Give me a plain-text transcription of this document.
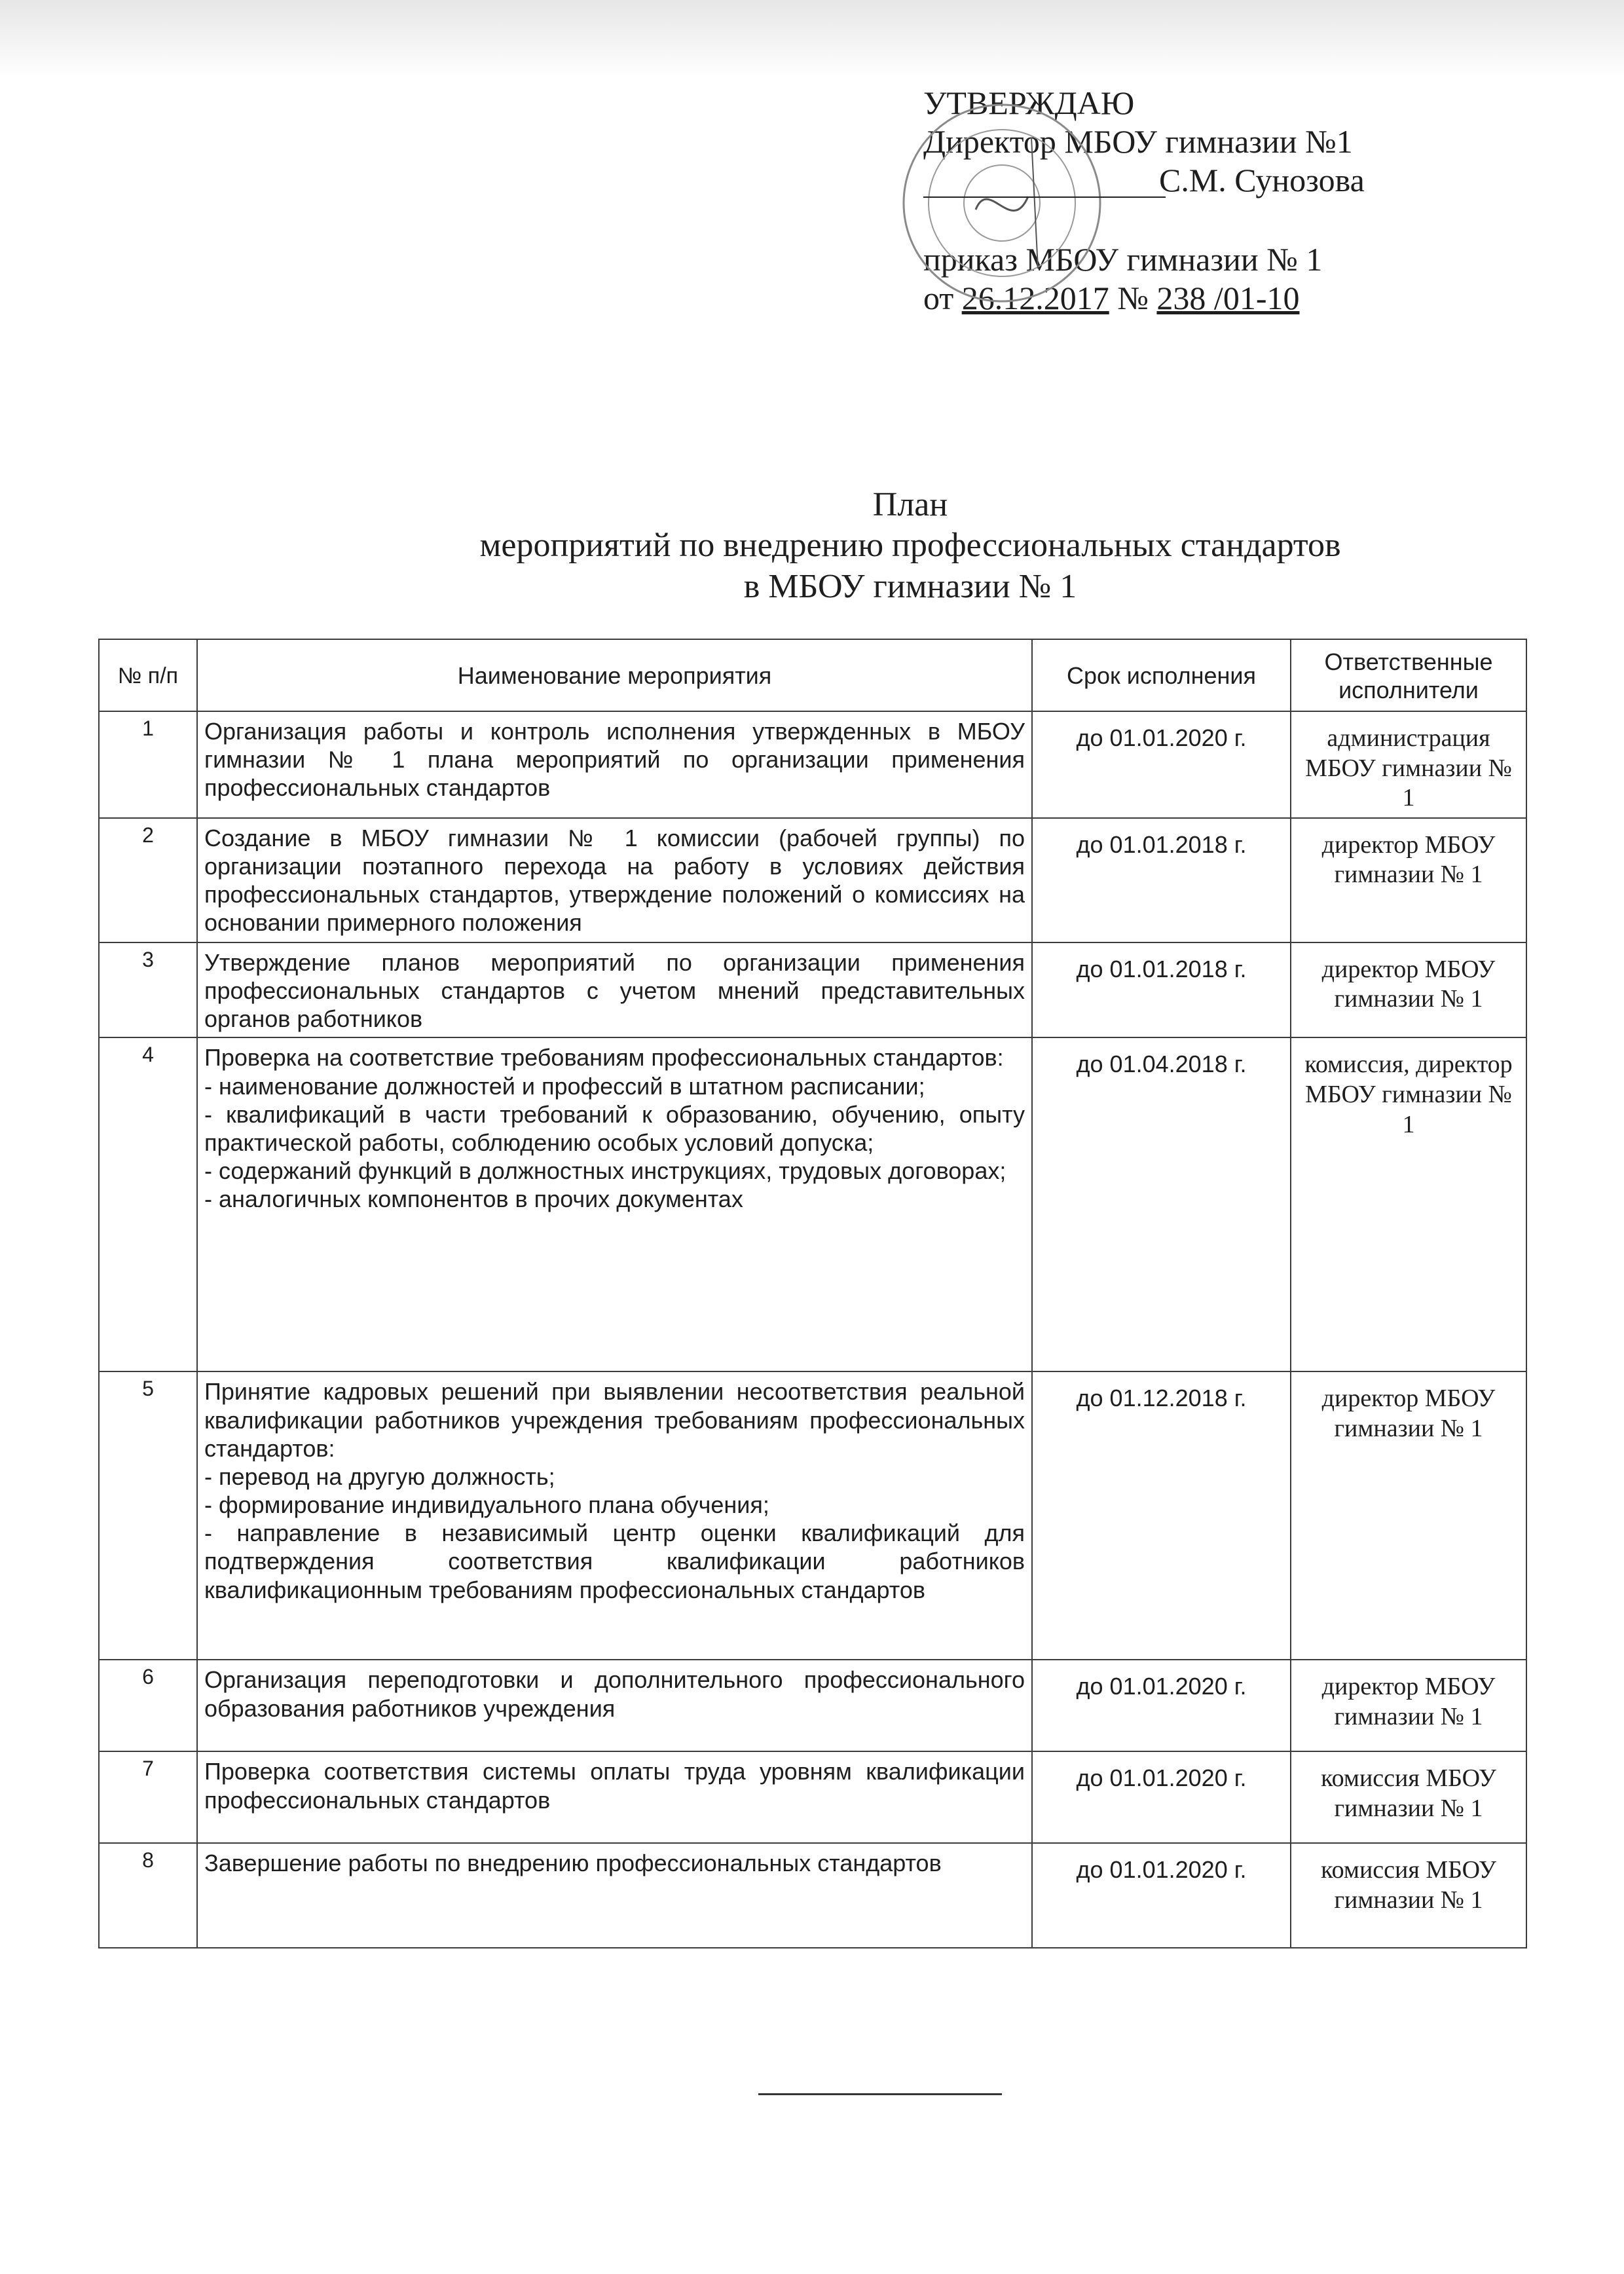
УТВЕРЖДАЮ
Директор МБОУ гимназии №1
С.М. Сунозова
приказ МБОУ гимназии № 1
от 26.12.2017 № 238 /01-10
План
мероприятий по внедрению профессиональных стандартов
в МБОУ гимназии № 1
№ п/п	Наименование мероприятия	Срок исполнения	Ответственные исполнители
1	Организация работы и контроль исполнения утвержденных в МБОУ гимназии № 1 плана мероприятий по организации применения профессиональных стандартов	до 01.01.2020 г.	администрация МБОУ гимназии № 1
2	Создание в МБОУ гимназии № 1 комиссии (рабочей группы) по организации поэтапного перехода на работу в условиях действия профессиональных стандартов, утверждение положений о комиссиях на основании примерного положения	до 01.01.2018 г.	директор МБОУ гимназии № 1
3	Утверждение планов мероприятий по организации применения профессиональных стандартов с учетом мнений представительных органов работников	до 01.01.2018 г.	директор МБОУ гимназии № 1
4	Проверка на соответствие требованиям профессиональных стандартов:
- наименование должностей и профессий в штатном расписании;
- квалификаций в части требований к образованию, обучению, опыту практической работы, соблюдению особых условий допуска;
- содержаний функций в должностных инструкциях, трудовых договорах;
- аналогичных компонентов в прочих документах	до 01.04.2018 г.	комиссия, директор МБОУ гимназии № 1
5	Принятие кадровых решений при выявлении несоответствия реальной квалификации работников учреждения требованиям профессиональных стандартов:
- перевод на другую должность;
- формирование индивидуального плана обучения;
- направление в независимый центр оценки квалификаций для подтверждения соответствия квалификации работников квалификационным требованиям профессиональных стандартов	до 01.12.2018 г.	директор МБОУ гимназии № 1
6	Организация переподготовки и дополнительного профессионального образования работников учреждения	до 01.01.2020 г.	директор МБОУ гимназии № 1
7	Проверка соответствия системы оплаты труда уровням квалификации профессиональных стандартов	до 01.01.2020 г.	комиссия МБОУ гимназии № 1
8	Завершение работы по внедрению профессиональных стандартов	до 01.01.2020 г.	комиссия МБОУ гимназии № 1
